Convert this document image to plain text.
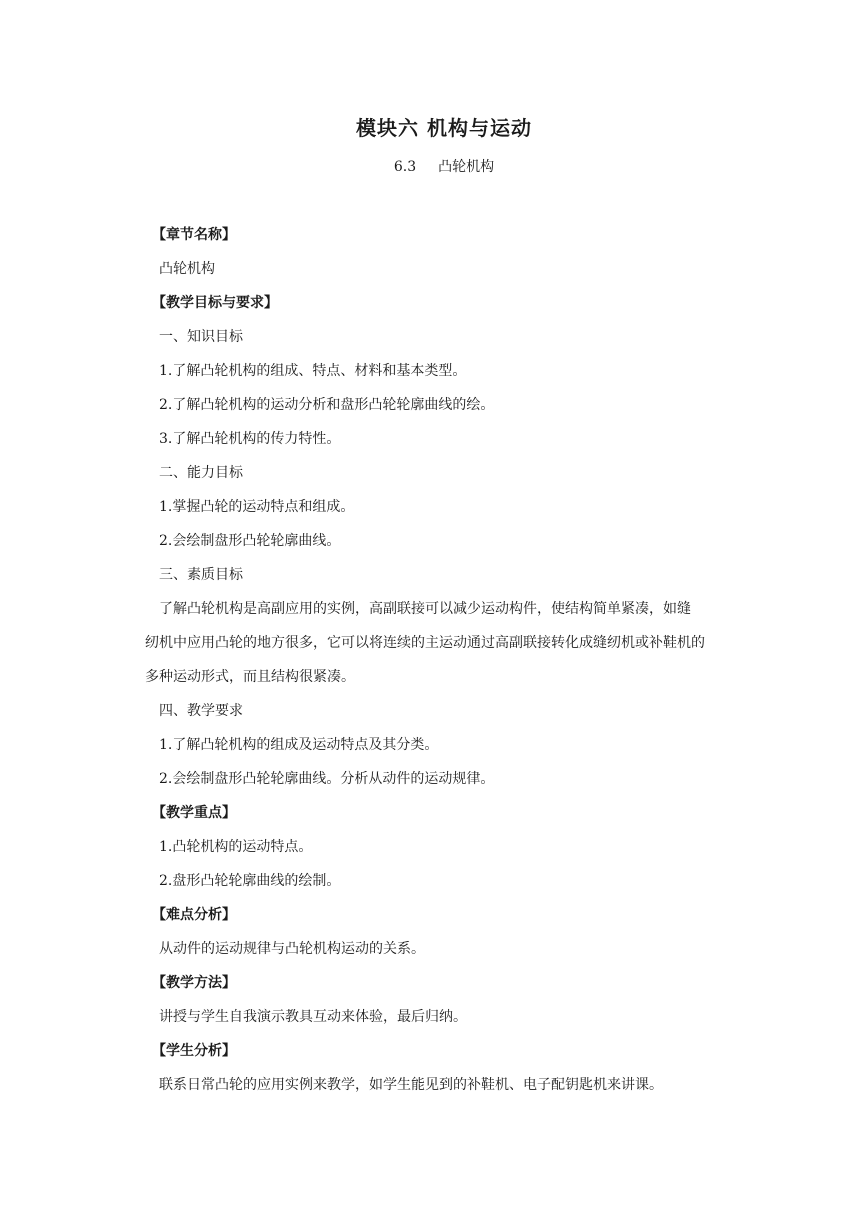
模块六 机构与运动
6.3 凸轮机构
【章节名称】
凸轮机构
【教学目标与要求】
一、知识目标
1.了解凸轮机构的组成、特点、材料和基本类型。
2.了解凸轮机构的运动分析和盘形凸轮轮廓曲线的绘。
3.了解凸轮机构的传力特性。
二、能力目标
1.掌握凸轮的运动特点和组成。
2.会绘制盘形凸轮轮廓曲线。
三、素质目标
了解凸轮机构是高副应用的实例，高副联接可以减少运动构件，使结构简单紧凑，如缝
纫机中应用凸轮的地方很多，它可以将连续的主运动通过高副联接转化成缝纫机或补鞋机的
多种运动形式，而且结构很紧凑。
四、教学要求
1.了解凸轮机构的组成及运动特点及其分类。
2.会绘制盘形凸轮轮廓曲线。分析从动件的运动规律。
【教学重点】
1.凸轮机构的运动特点。
2.盘形凸轮轮廓曲线的绘制。
【难点分析】
从动件的运动规律与凸轮机构运动的关系。
【教学方法】
讲授与学生自我演示教具互动来体验，最后归纳。
【学生分析】
联系日常凸轮的应用实例来教学，如学生能见到的补鞋机、电子配钥匙机来讲课。
